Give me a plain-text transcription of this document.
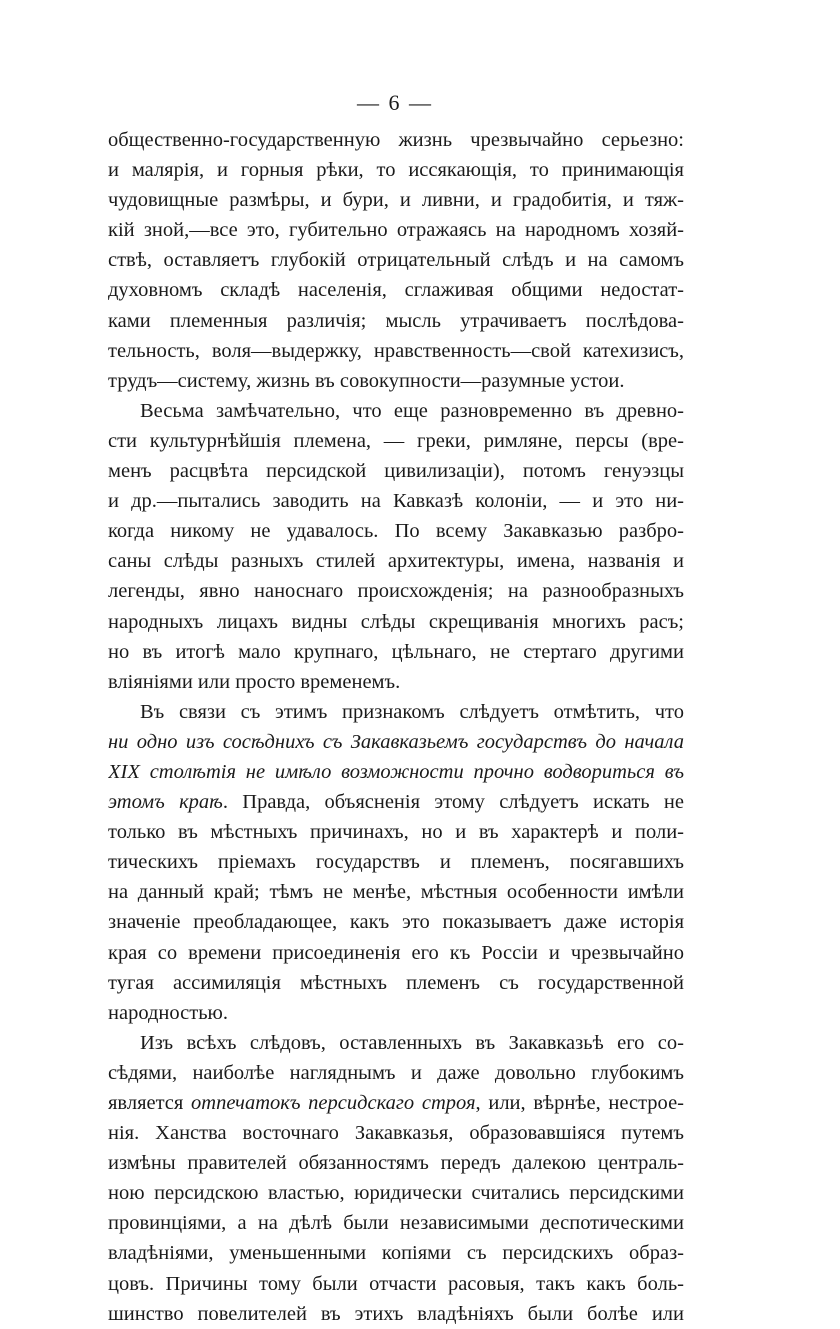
— 6 —
общественно-государственную жизнь чрезвычайно серьезно:
и малярія, и горныя рѣки, то иссякающія, то принимающія
чудовищные размѣры, и бури, и ливни, и градобитія, и тяж-
кій зной,—все это, губительно отражаясь на народномъ хозяй-
ствѣ, оставляетъ глубокій отрицательный слѣдъ и на самомъ
духовномъ складѣ населенія, сглаживая общими недостат-
ками племенныя различія; мысль утрачиваетъ послѣдова-
тельность, воля—выдержку, нравственность—свой катехизисъ,
трудъ—систему, жизнь въ совокупности—разумные устои.
Весьма замѣчательно, что еще разновременно въ древно-
сти культурнѣйшія племена, — греки, римляне, персы (вре-
менъ расцвѣта персидской цивилизаціи), потомъ генуэзцы
и др.—пытались заводить на Кавказѣ колоніи, — и это ни-
когда никому не удавалось. По всему Закавказью разбро-
саны слѣды разныхъ стилей архитектуры, имена, названія и
легенды, явно наноснаго происхожденія; на разнообразныхъ
народныхъ лицахъ видны слѣды скрещиванія многихъ расъ;
но въ итогѣ мало крупнаго, цѣльнаго, не стертаго другими
вліяніями или просто временемъ.
Въ связи съ этимъ признакомъ слѣдуетъ отмѣтить, что
ни одно изъ сосѣднихъ съ Закавказьемъ государствъ до начала
XIX столѣтія не имѣло возможности прочно водвориться въ
этомъ краѣ. Правда, объясненія этому слѣдуетъ искать не
только въ мѣстныхъ причинахъ, но и въ характерѣ и поли-
тическихъ пріемахъ государствъ и племенъ, посягавшихъ
на данный край; тѣмъ не менѣе, мѣстныя особенности имѣли
значеніе преобладающее, какъ это показываетъ даже исторія
края со времени присоединенія его къ Россіи и чрезвычайно
тугая ассимиляція мѣстныхъ племенъ съ государственной
народностью.
Изъ всѣхъ слѣдовъ, оставленныхъ въ Закавказьѣ его со-
сѣдями, наиболѣе нагляднымъ и даже довольно глубокимъ
является отпечатокъ персидскаго строя, или, вѣрнѣе, нестрое-
нія. Ханства восточнаго Закавказья, образовавшіяся путемъ
измѣны правителей обязанностямъ передъ далекою централь-
ною персидскою властью, юридически считались персидскими
провинціями, а на дѣлѣ были независимыми деспотическими
владѣніями, уменьшенными копіями съ персидскихъ образ-
цовъ. Причины тому были отчасти расовыя, такъ какъ боль-
шинство повелителей въ этихъ владѣніяхъ были болѣе или
